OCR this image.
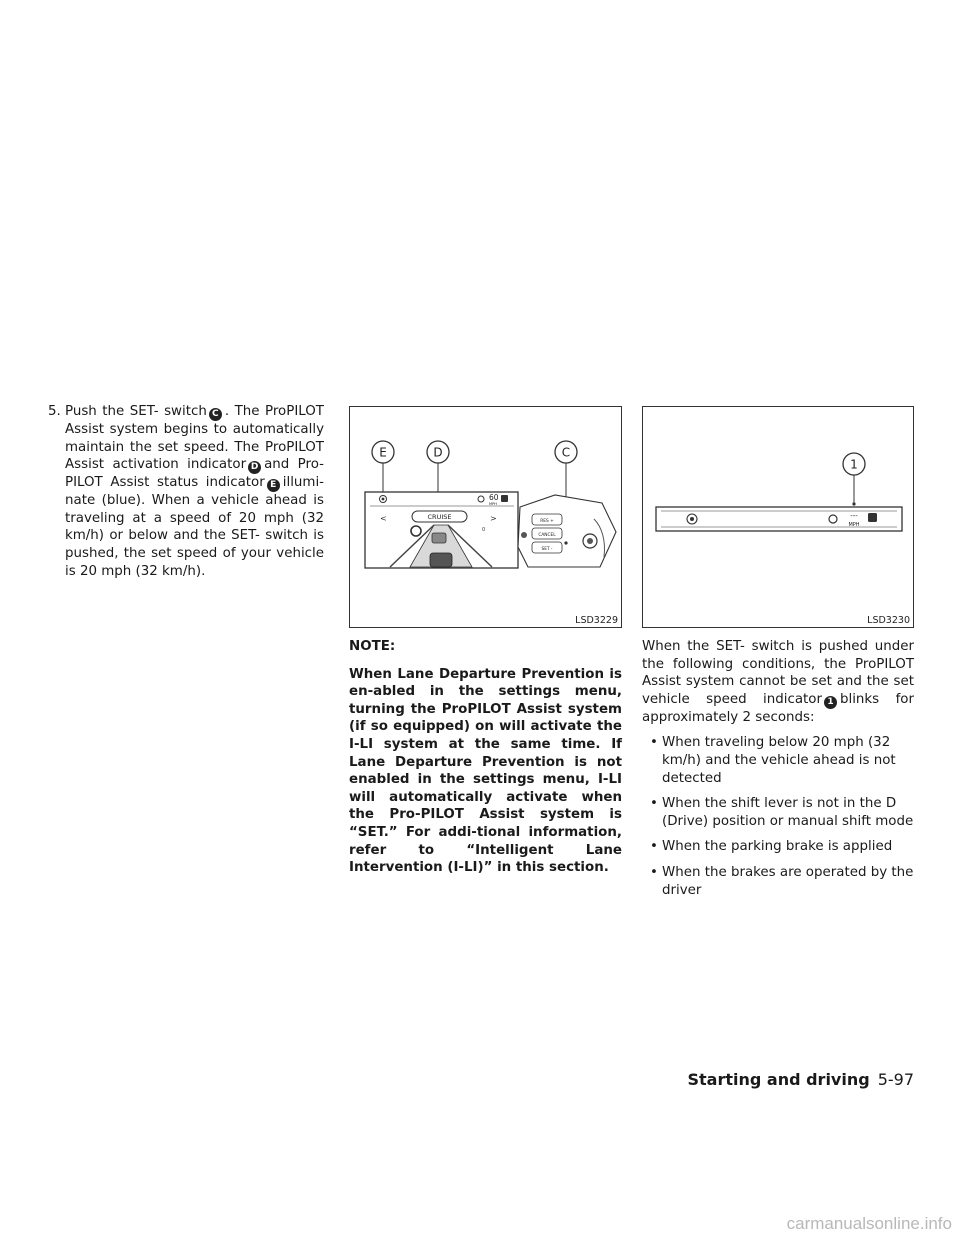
5. Push the SET- switch C . The ProPILOT Assist system begins to automatically maintain the set speed. The ProPILOT Assist activation indicator D and Pro-PILOT Assist status indicator E illumi-nate (blue). When a vehicle ahead is traveling at a speed of 20 mph (32 km/h) or below and the SET- switch is pushed, the set speed of your vehicle is 20 mph (32 km/h).
E	D	C
60
MPH
<	>
CRUISE
0
RES +
CANCEL
SET -
LSD3229
1
---
MPH
LSD3230

NOTE:

When Lane Departure Prevention is en-abled in the settings menu, turning the ProPILOT Assist system (if so equipped) on will activate the I-LI system at the same time. If Lane Departure Prevention is not enabled in the settings menu, I-LI will automatically activate when the Pro-PILOT Assist system is “SET.” For addi-tional information, refer to “Intelligent Lane Intervention (I-LI)” in this section.

When the SET- switch is pushed under the following conditions, the ProPILOT Assist system cannot be set and the set vehicle speed indicator 1 blinks for approximately 2 seconds:

• When traveling below 20 mph (32 km/h) and the vehicle ahead is not detected
• When the shift lever is not in the D (Drive) position or manual shift mode
• When the parking brake is applied
• When the brakes are operated by the driver
Starting and driving 5-97
carmanualsonline.info
